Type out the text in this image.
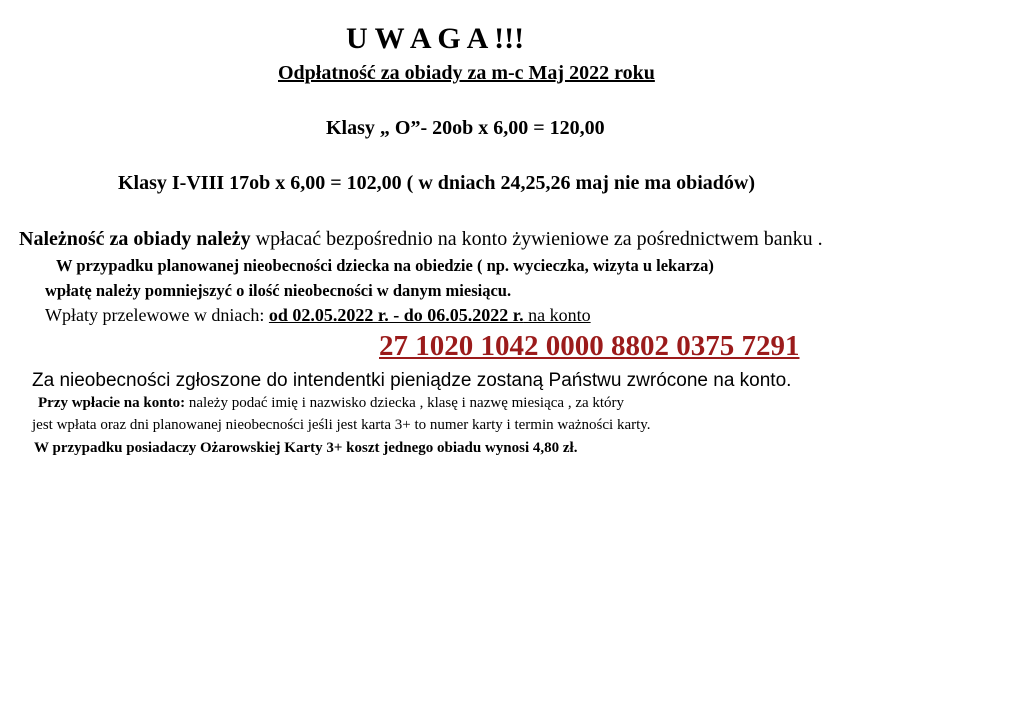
U W A G A !!!

Odpłatność za obiady za m-c Maj 2022 roku

Klasy „ O”- 20ob x 6,00 = 120,00

Klasy I-VIII 17ob x 6,00 = 102,00 ( w dniach 24,25,26 maj nie ma obiadów)

Należność za obiady należy wpłacać bezpośrednio na konto żywieniowe za pośrednictwem banku .

W przypadku planowanej nieobecności dziecka na obiedzie ( np. wycieczka, wizyta u lekarza)

wpłatę należy pomniejszyć o ilość nieobecności w danym miesiącu.

Wpłaty przelewowe w dniach: od 02.05.2022 r. - do 06.05.2022 r. na konto

27 1020 1042 0000 8802 0375 7291

Za nieobecności zgłoszone do intendentki pieniądze zostaną Państwu zwrócone na konto.

Przy wpłacie na konto: należy podać imię i nazwisko dziecka , klasę i nazwę miesiąca , za który

jest wpłata oraz dni planowanej nieobecności jeśli jest karta 3+ to numer karty i termin ważności karty.

W przypadku posiadaczy Ożarowskiej Karty 3+ koszt jednego obiadu wynosi 4,80 zł.
